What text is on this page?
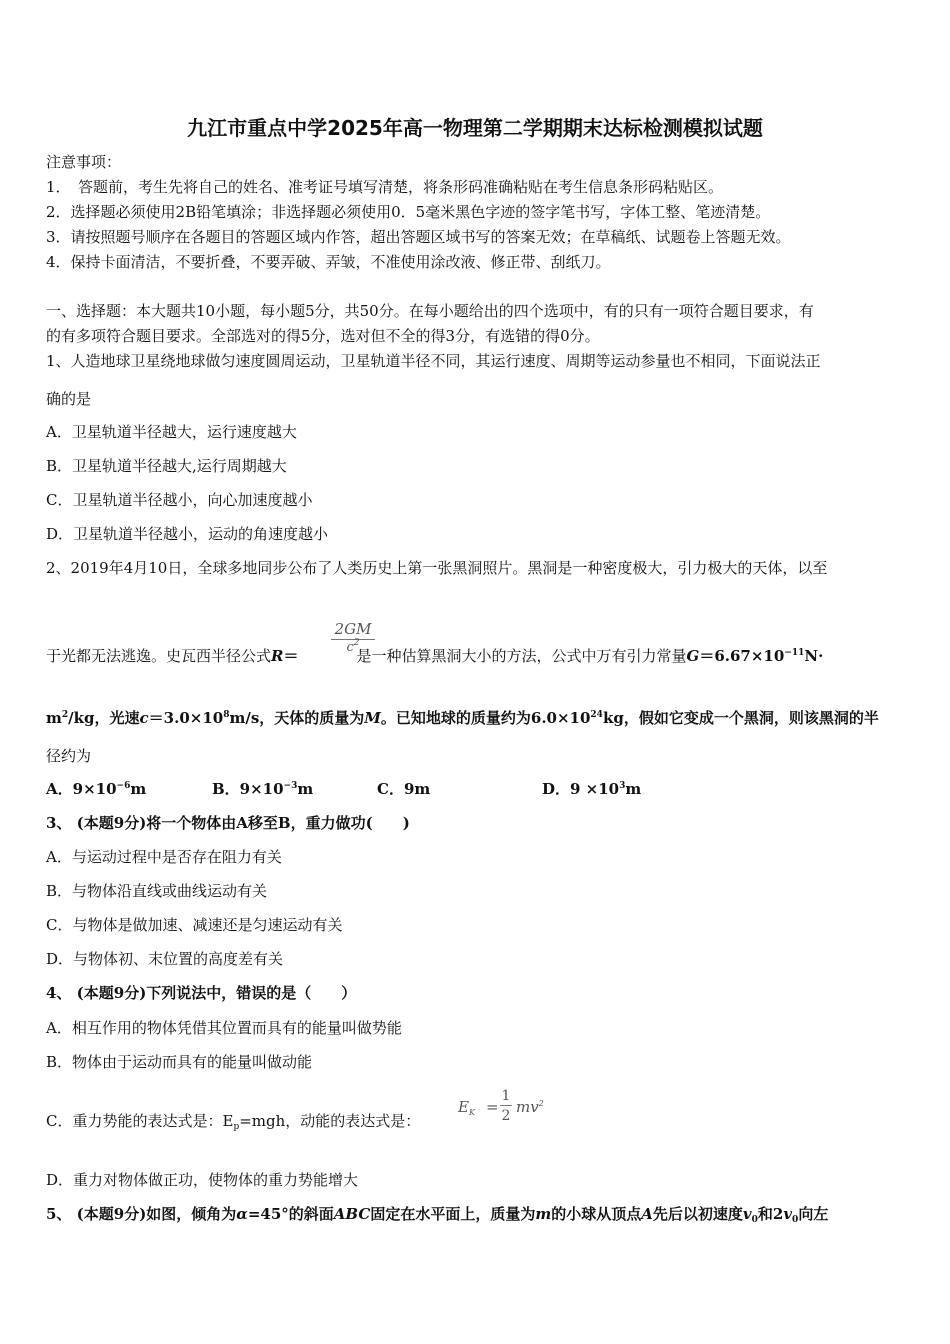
九江市重点中学2025年高一物理第二学期期末达标检测模拟试题
注意事项：
1．　答题前，考生先将自己的姓名、准考证号填写清楚，将条形码准确粘贴在考生信息条形码粘贴区。
2．选择题必须使用2B铅笔填涂；非选择题必须使用0．5毫米黑色字迹的签字笔书写，字体工整、笔迹清楚。
3．请按照题号顺序在各题目的答题区域内作答，超出答题区域书写的答案无效；在草稿纸、试题卷上答题无效。
4．保持卡面清洁，不要折叠，不要弄破、弄皱，不准使用涂改液、修正带、刮纸刀。
一、选择题：本大题共10小题，每小题5分，共50分。在每小题给出的四个选项中，有的只有一项符合题目要求，有
的有多项符合题目要求。全部选对的得5分，选对但不全的得3分，有选错的得0分。
1、人造地球卫星绕地球做匀速度圆周运动，卫星轨道半径不同，其运行速度、周期等运动参量也不相同，下面说法正
确的是
A．卫星轨道半径越大，运行速度越大
B．卫星轨道半径越大,运行周期越大
C．卫星轨道半径越小，向心加速度越小
D．卫星轨道半径越小，运动的角速度越小
2、2019年4月10日，全球多地同步公布了人类历史上第一张黑洞照片。黑洞是一种密度极大，引力极大的天体，以至
于光都无法逃逸。史瓦西半径公式R＝	是一种估算黑洞大小的方法，公式中万有引力常量$G=6.67\times 10^{-11}N\cdot$
$\frac{2GM}{c^2}$
$m^2/kg$，光速$c=3.0\times 10^8m/s$，天体的质量为M。已知地球的质量约为$6.0\times 10^{24}kg$，假如它变成一个黑洞，则该黑洞的半
径约为
A．$9\times 10^{-6}m$	B．$9\times 10^{-3}m$	C．9m	D．$9 \times 10^3m$
3、 (本题9分)将一个物体由A移至B，重力做功(　　)
A．与运动过程中是否存在阻力有关
B．与物体沿直线或曲线运动有关
C．与物体是做加速、减速还是匀速运动有关
D．与物体初、末位置的高度差有关
4、 (本题9分)下列说法中，错误的是（　　）
A．相互作用的物体凭借其位置而具有的能量叫做势能
B．物体由于运动而具有的能量叫做动能
C．重力势能的表达式是：$E_p=mgh$，动能的表达式是：
$E_K = \frac{1}{2} mv^2$
D．重力对物体做正功，使物体的重力势能增大
5、 (本题9分)如图，倾角为α=45°的斜面ABC固定在水平面上，质量为m的小球从顶点A先后以初速度$v_0$和$2v_0$向左
